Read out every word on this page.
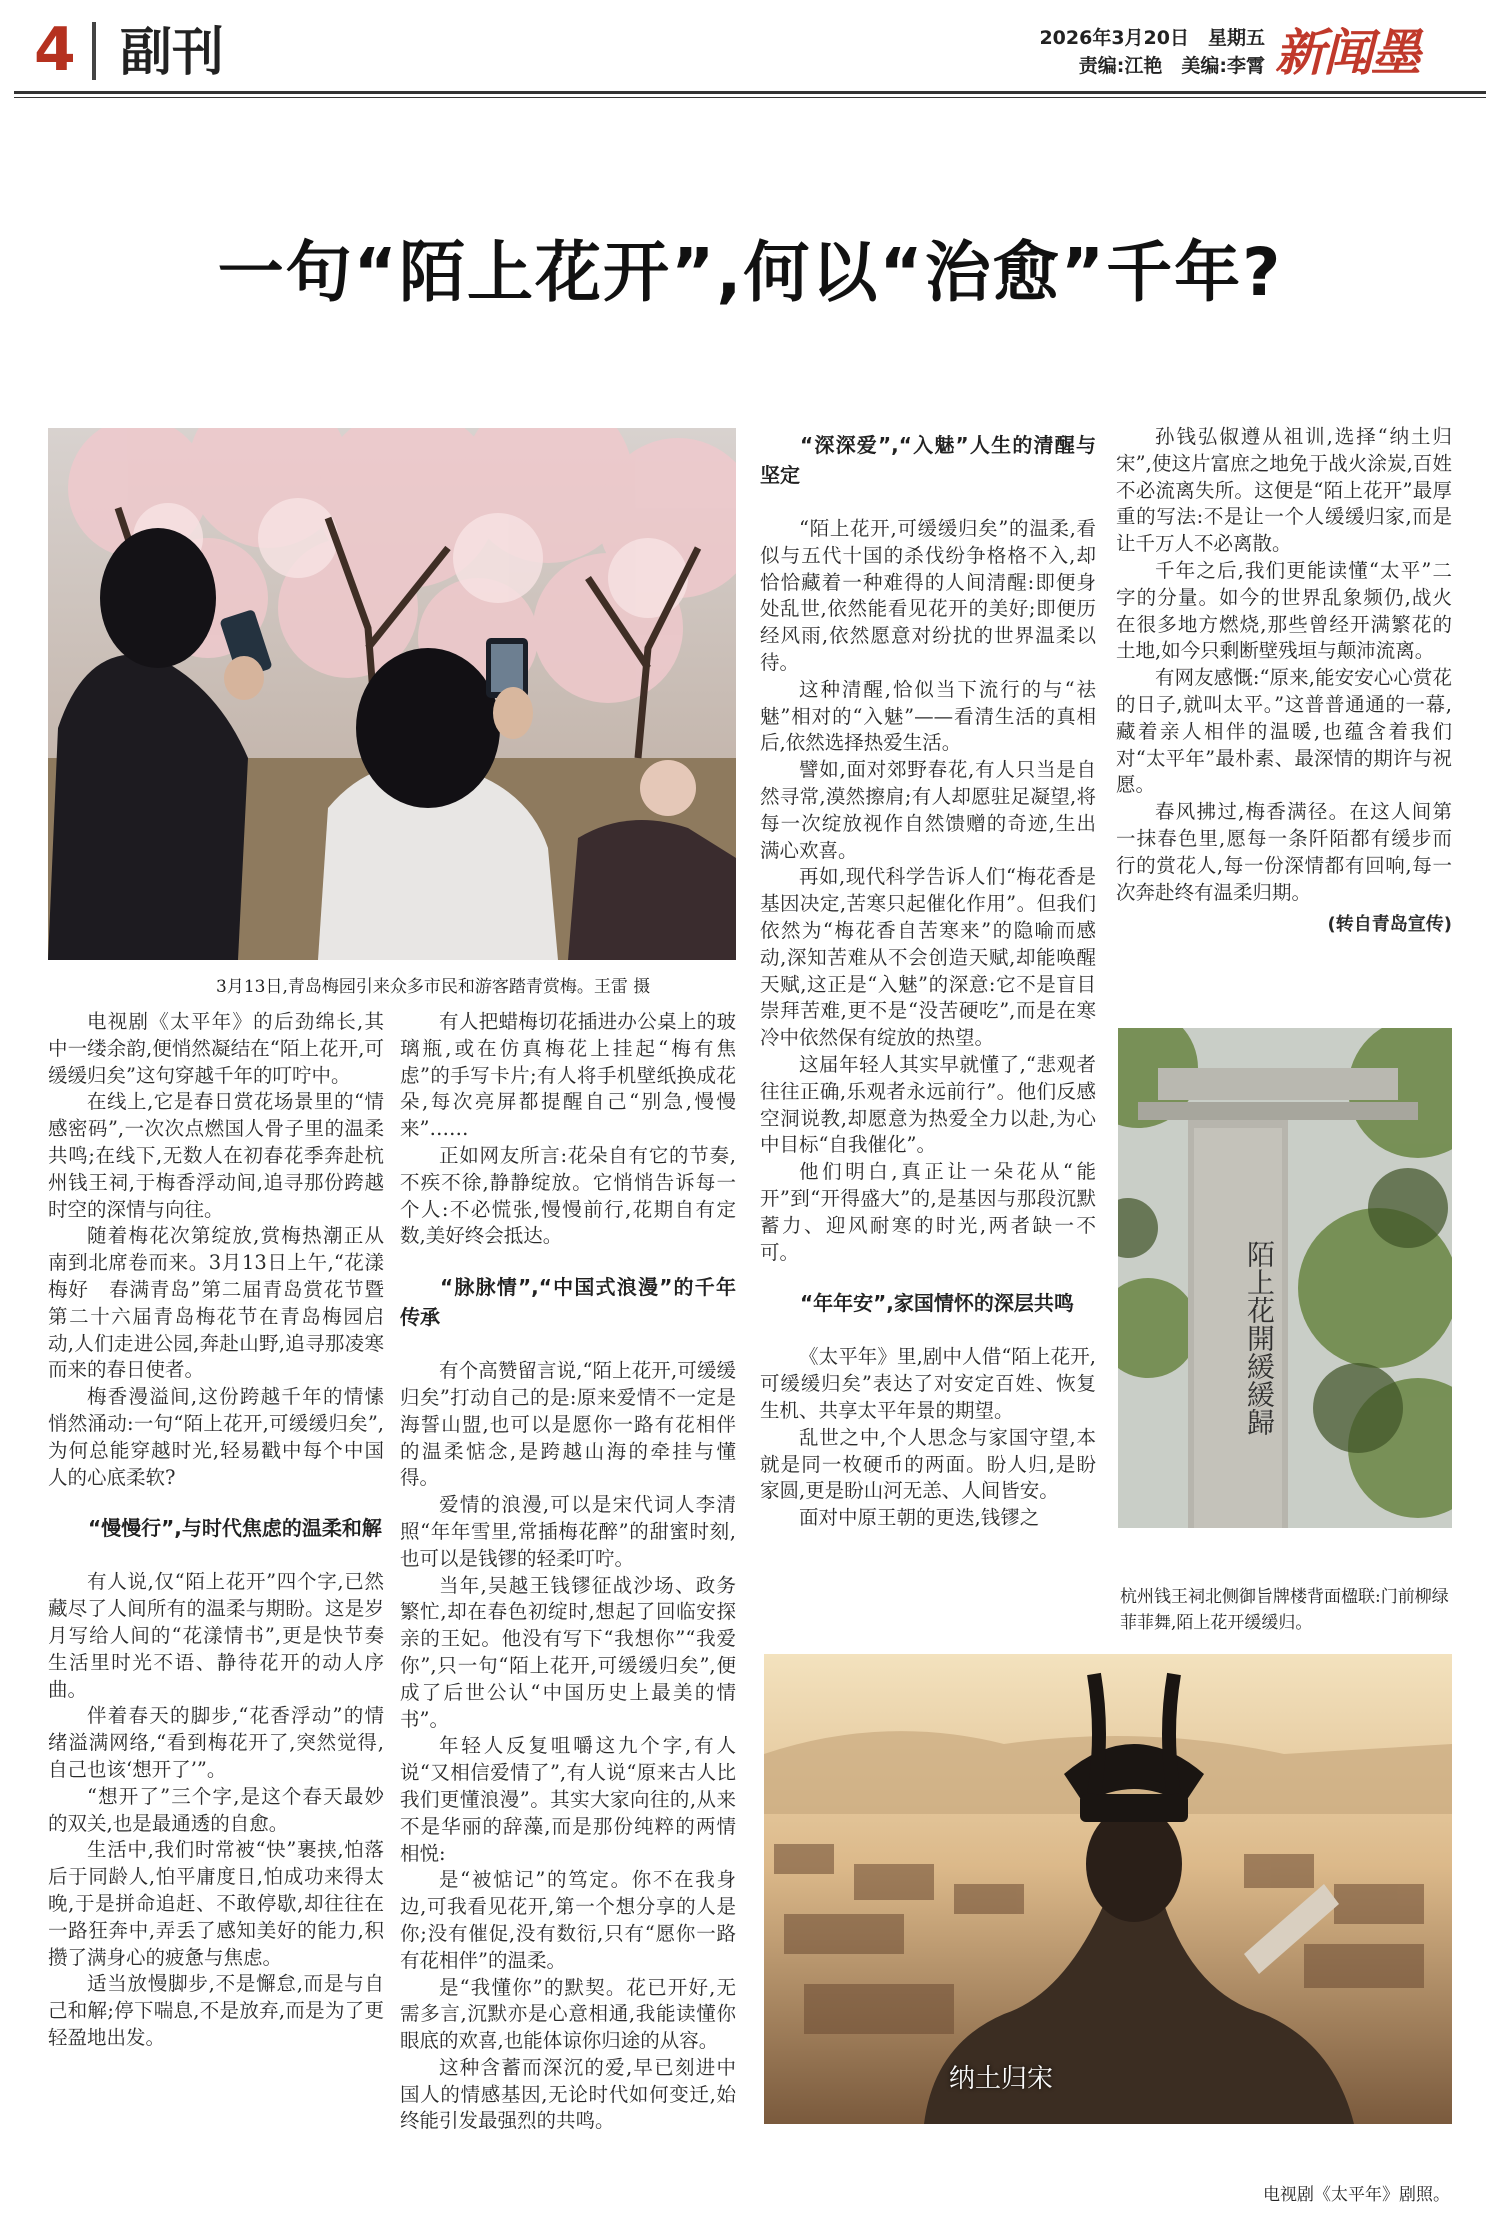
4 副刊	2026年3月20日　星期五
责编:江艳　美编:李霄 新闻墨
一句“陌上花开”,何以“治愈”千年?
3月13日,青岛梅园引来众多市民和游客踏青赏梅。王雷 摄

电视剧《太平年》的后劲绵长,其中一缕余韵,便悄然凝结在“陌上花开,可缓缓归矣”这句穿越千年的叮咛中。

在线上,它是春日赏花场景里的“情感密码”,一次次点燃国人骨子里的温柔共鸣;在线下,无数人在初春花季奔赴杭州钱王祠,于梅香浮动间,追寻那份跨越时空的深情与向往。

随着梅花次第绽放,赏梅热潮正从南到北席卷而来。3月13日上午,“花漾梅好　春满青岛”第二届青岛赏花节暨第二十六届青岛梅花节在青岛梅园启动,人们走进公园,奔赴山野,追寻那凌寒而来的春日使者。

梅香漫溢间,这份跨越千年的情愫悄然涌动:一句“陌上花开,可缓缓归矣”,为何总能穿越时光,轻易戳中每个中国人的心底柔软?

“慢慢行”,与时代焦虑的温柔和解

有人说,仅“陌上花开”四个字,已然藏尽了人间所有的温柔与期盼。这是岁月写给人间的“花漾情书”,更是快节奏生活里时光不语、静待花开的动人序曲。

伴着春天的脚步,“花香浮动”的情绪溢满网络,“看到梅花开了,突然觉得,自己也该‘想开了’”。

“想开了”三个字,是这个春天最妙的双关,也是最通透的自愈。

生活中,我们时常被“快”裹挟,怕落后于同龄人,怕平庸度日,怕成功来得太晚,于是拼命追赶、不敢停歇,却往往在一路狂奔中,弄丢了感知美好的能力,积攒了满身心的疲惫与焦虑。

适当放慢脚步,不是懈怠,而是与自己和解;停下喘息,不是放弃,而是为了更轻盈地出发。

有人把蜡梅切花插进办公桌上的玻璃瓶,或在仿真梅花上挂起“梅有焦虑”的手写卡片;有人将手机壁纸换成花朵,每次亮屏都提醒自己“别急,慢慢来”……

正如网友所言:花朵自有它的节奏,不疾不徐,静静绽放。它悄悄告诉每一个人:不必慌张,慢慢前行,花期自有定数,美好终会抵达。

“脉脉情”,“中国式浪漫”的千年传承

有个高赞留言说,“陌上花开,可缓缓归矣”打动自己的是:原来爱情不一定是海誓山盟,也可以是愿你一路有花相伴的温柔惦念,是跨越山海的牵挂与懂得。

爱情的浪漫,可以是宋代词人李清照“年年雪里,常插梅花醉”的甜蜜时刻,也可以是钱镠的轻柔叮咛。

当年,吴越王钱镠征战沙场、政务繁忙,却在春色初绽时,想起了回临安探亲的王妃。他没有写下“我想你”“我爱你”,只一句“陌上花开,可缓缓归矣”,便成了后世公认“中国历史上最美的情书”。

年轻人反复咀嚼这九个字,有人说“又相信爱情了”,有人说“原来古人比我们更懂浪漫”。其实大家向往的,从来不是华丽的辞藻,而是那份纯粹的两情相悦:

是“被惦记”的笃定。你不在我身边,可我看见花开,第一个想分享的人是你;没有催促,没有数衍,只有“愿你一路有花相伴”的温柔。

是“我懂你”的默契。花已开好,无需多言,沉默亦是心意相通,我能读懂你眼底的欢喜,也能体谅你归途的从容。

这种含蓄而深沉的爱,早已刻进中国人的情感基因,无论时代如何变迁,始终能引发最强烈的共鸣。

“深深爱”,“入魅”人生的清醒与坚定

“陌上花开,可缓缓归矣”的温柔,看似与五代十国的杀伐纷争格格不入,却恰恰藏着一种难得的人间清醒:即便身处乱世,依然能看见花开的美好;即便历经风雨,依然愿意对纷扰的世界温柔以待。

这种清醒,恰似当下流行的与“祛魅”相对的“入魅”——看清生活的真相后,依然选择热爱生活。

譬如,面对郊野春花,有人只当是自然寻常,漠然擦肩;有人却愿驻足凝望,将每一次绽放视作自然馈赠的奇迹,生出满心欢喜。

再如,现代科学告诉人们“梅花香是基因决定,苦寒只起催化作用”。但我们依然为“梅花香自苦寒来”的隐喻而感动,深知苦难从不会创造天赋,却能唤醒天赋,这正是“入魅”的深意:它不是盲目崇拜苦难,更不是“没苦硬吃”,而是在寒冷中依然保有绽放的热望。

这届年轻人其实早就懂了,“悲观者往往正确,乐观者永远前行”。他们反感空洞说教,却愿意为热爱全力以赴,为心中目标“自我催化”。

他们明白,真正让一朵花从“能开”到“开得盛大”的,是基因与那段沉默蓄力、迎风耐寒的时光,两者缺一不可。

“年年安”,家国情怀的深层共鸣

《太平年》里,剧中人借“陌上花开,可缓缓归矣”表达了对安定百姓、恢复生机、共享太平年景的期望。

乱世之中,个人思念与家国守望,本就是同一枚硬币的两面。盼人归,是盼家圆,更是盼山河无恙、人间皆安。

面对中原王朝的更迭,钱镠之

孙钱弘俶遵从祖训,选择“纳土归宋”,使这片富庶之地免于战火涂炭,百姓不必流离失所。这便是“陌上花开”最厚重的写法:不是让一个人缓缓归家,而是让千万人不必离散。

千年之后,我们更能读懂“太平”二字的分量。如今的世界乱象频仍,战火在很多地方燃烧,那些曾经开满繁花的土地,如今只剩断壁残垣与颠沛流离。

有网友感慨:“原来,能安安心心赏花的日子,就叫太平。”这普普通通的一幕,藏着亲人相伴的温暖,也蕴含着我们对“太平年”最朴素、最深情的期许与祝愿。

春风拂过,梅香满径。在这人间第一抹春色里,愿每一条阡陌都有缓步而行的赏花人,每一份深情都有回响,每一次奔赴终有温柔归期。

(转自青岛宣传)

陌上花開緩緩歸
杭州钱王祠北侧御旨牌楼背面楹联:门前柳绿菲菲舞,陌上花开缓缓归。
纳土归宋
电视剧《太平年》剧照。
